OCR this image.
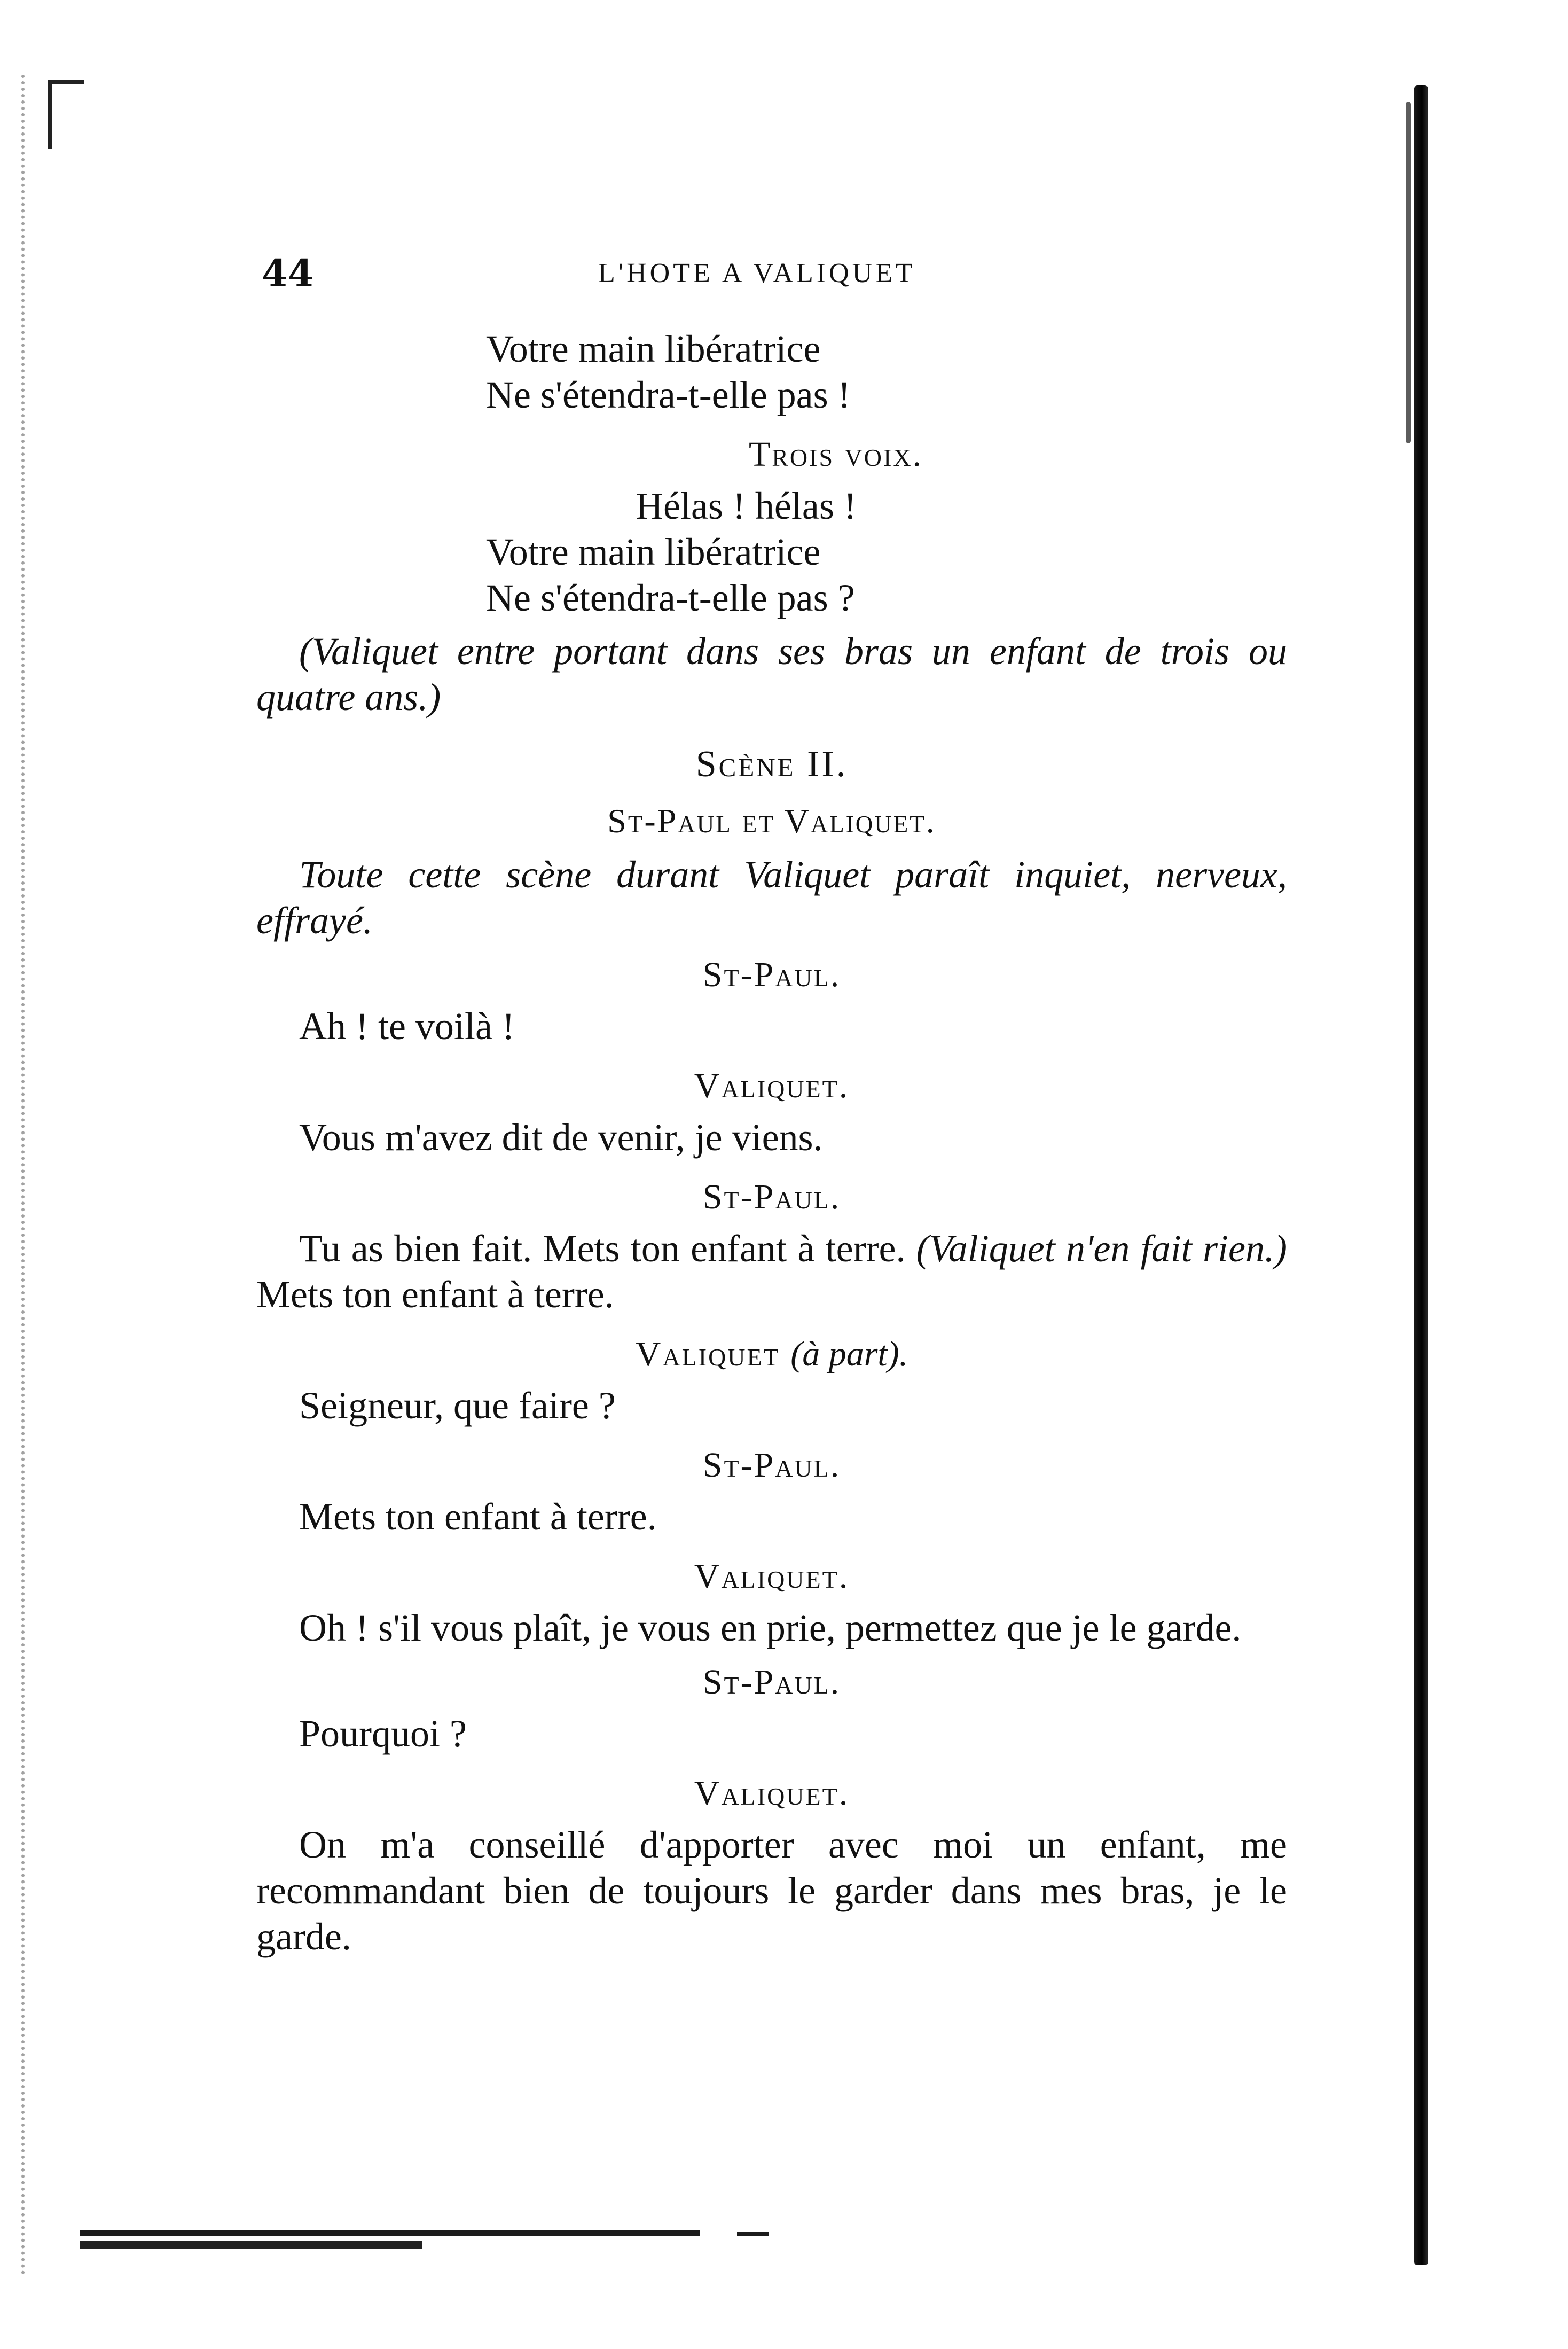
44	L'HOTE A VALIQUET
Votre main libératrice
Ne s'étendra-t-elle pas !
Trois voix.
Hélas ! hélas !
Votre main libératrice
Ne s'étendra-t-elle pas ?
(Valiquet entre portant dans ses bras un enfant de trois ou quatre ans.)
Scène II.
St-Paul et Valiquet.
Toute cette scène durant Valiquet paraît inquiet, nerveux, effrayé.
St-Paul.
Ah ! te voilà !
Valiquet.
Vous m'avez dit de venir, je viens.
St-Paul.
Tu as bien fait. Mets ton enfant à terre. (Valiquet n'en fait rien.) Mets ton enfant à terre.
Valiquet (à part).
Seigneur, que faire ?
St-Paul.
Mets ton enfant à terre.
Valiquet.
Oh ! s'il vous plaît, je vous en prie, permettez que je le garde.
St-Paul.
Pourquoi ?
Valiquet.
On m'a conseillé d'apporter avec moi un enfant, me recommandant bien de toujours le garder dans mes bras, je le garde.
